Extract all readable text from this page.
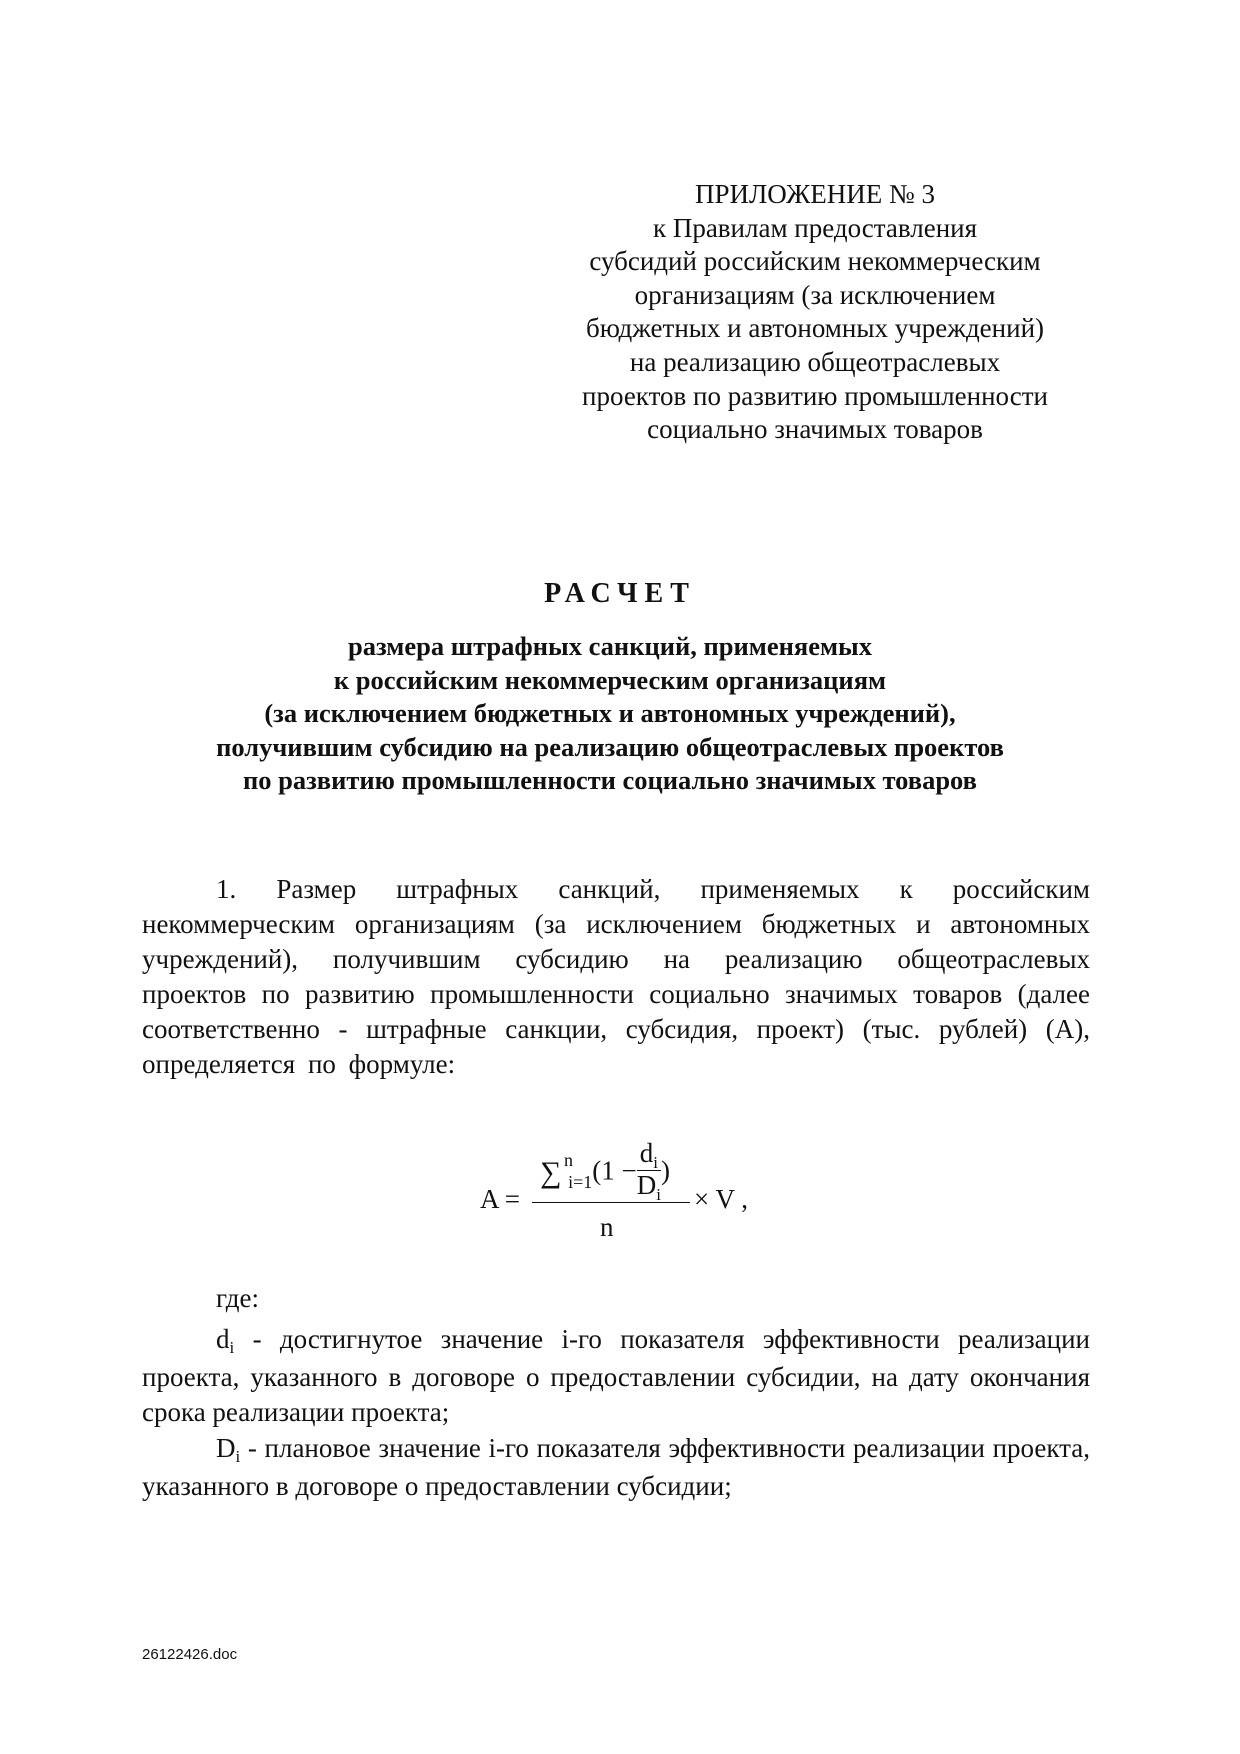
ПРИЛОЖЕНИЕ № 3
к Правилам предоставления
субсидий российским некоммерческим
организациям (за исключением
бюджетных и автономных учреждений)
на реализацию общеотраслевых
проектов по развитию промышленности
социально значимых товаров
РАСЧЕТ
размера штрафных санкций, применяемых
к российским некоммерческим организациям
(за исключением бюджетных и автономных учреждений),
получившим субсидию на реализацию общеотраслевых проектов
по развитию промышленности социально значимых товаров
1. Размер штрафных санкций, применяемых к российским некоммерческим организациям (за исключением бюджетных и автономных учреждений), получившим субсидию на реализацию общеотраслевых проектов по развитию промышленности социально значимых товаров (далее соответственно - штрафные санкции, субсидия, проект) (тыс. рублей) (А), определяется по формуле:
A =
∑ n
$_{i=1}(1 - \frac{d_i}{D_i}$ )
n
× V ,
где:
di - достигнутое значение i-го показателя эффективности реализации проекта, указанного в договоре о предоставлении субсидии, на дату окончания срока реализации проекта;
Di - плановое значение i-го показателя эффективности реализации проекта, указанного в договоре о предоставлении субсидии;
26122426.doc
